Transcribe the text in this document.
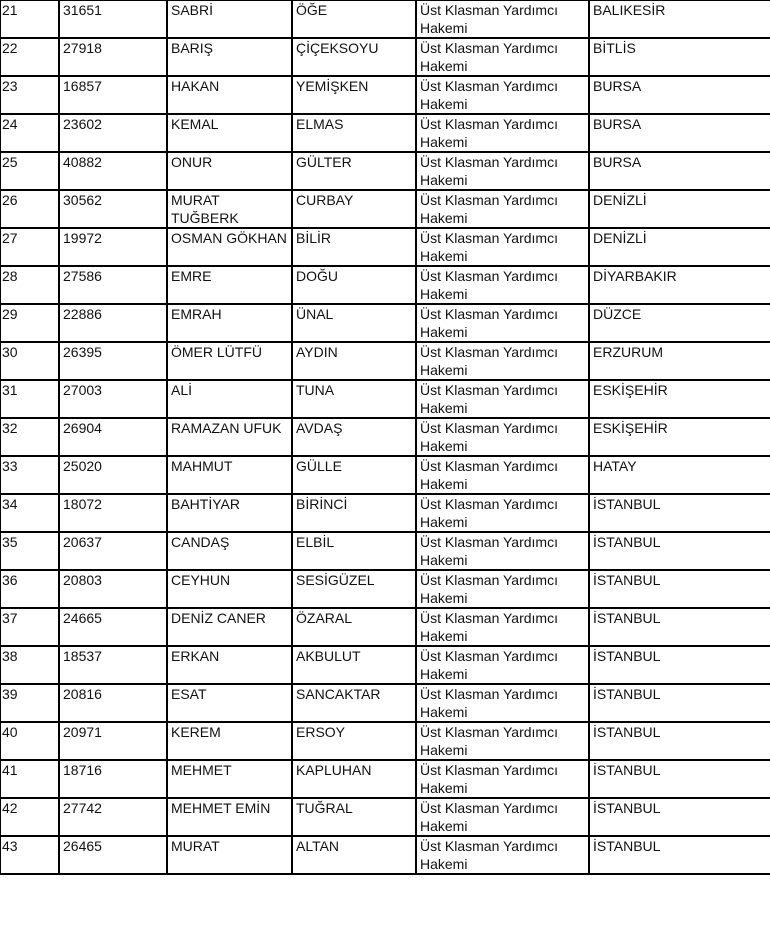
21	31651	SABRİ	ÖĞE	Üst Klasman Yardımcı Hakemi	BALIKESİR
22	27918	BARIŞ	ÇİÇEKSOYU	Üst Klasman Yardımcı Hakemi	BİTLİS
23	16857	HAKAN	YEMİŞKEN	Üst Klasman Yardımcı Hakemi	BURSA
24	23602	KEMAL	ELMAS	Üst Klasman Yardımcı Hakemi	BURSA
25	40882	ONUR	GÜLTER	Üst Klasman Yardımcı Hakemi	BURSA
26	30562	MURAT TUĞBERK	CURBAY	Üst Klasman Yardımcı Hakemi	DENİZLİ
27	19972	OSMAN GÖKHAN	BİLİR	Üst Klasman Yardımcı Hakemi	DENİZLİ
28	27586	EMRE	DOĞU	Üst Klasman Yardımcı Hakemi	DİYARBAKIR
29	22886	EMRAH	ÜNAL	Üst Klasman Yardımcı Hakemi	DÜZCE
30	26395	ÖMER LÜTFÜ	AYDIN	Üst Klasman Yardımcı Hakemi	ERZURUM
31	27003	ALİ	TUNA	Üst Klasman Yardımcı Hakemi	ESKİŞEHİR
32	26904	RAMAZAN UFUK	AVDAŞ	Üst Klasman Yardımcı Hakemi	ESKİŞEHİR
33	25020	MAHMUT	GÜLLE	Üst Klasman Yardımcı Hakemi	HATAY
34	18072	BAHTİYAR	BİRİNCİ	Üst Klasman Yardımcı Hakemi	İSTANBUL
35	20637	CANDAŞ	ELBİL	Üst Klasman Yardımcı Hakemi	İSTANBUL
36	20803	CEYHUN	SESİGÜZEL	Üst Klasman Yardımcı Hakemi	İSTANBUL
37	24665	DENİZ CANER	ÖZARAL	Üst Klasman Yardımcı Hakemi	İSTANBUL
38	18537	ERKAN	AKBULUT	Üst Klasman Yardımcı Hakemi	İSTANBUL
39	20816	ESAT	SANCAKTAR	Üst Klasman Yardımcı Hakemi	İSTANBUL
40	20971	KEREM	ERSOY	Üst Klasman Yardımcı Hakemi	İSTANBUL
41	18716	MEHMET	KAPLUHAN	Üst Klasman Yardımcı Hakemi	İSTANBUL
42	27742	MEHMET EMİN	TUĞRAL	Üst Klasman Yardımcı Hakemi	İSTANBUL
43	26465	MURAT	ALTAN	Üst Klasman Yardımcı Hakemi	İSTANBUL
